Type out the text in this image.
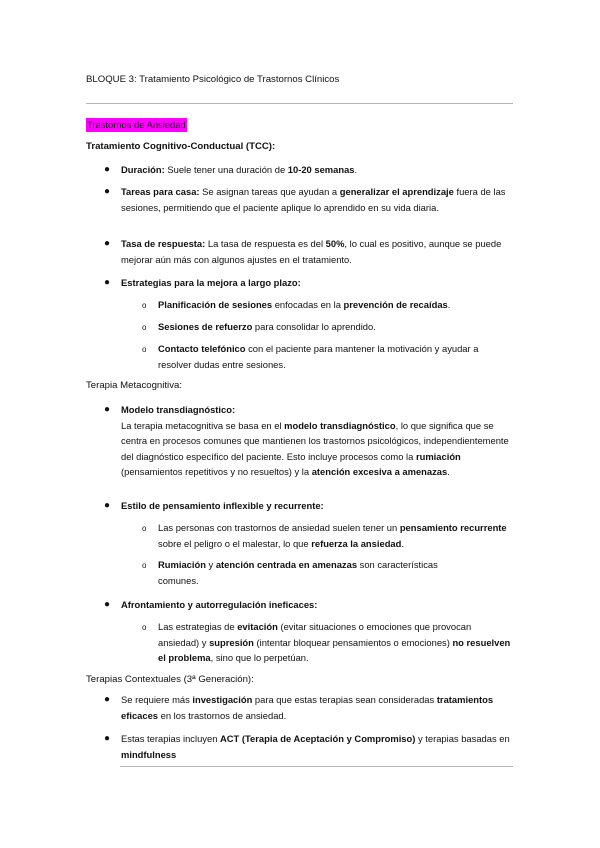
BLOQUE 3: Tratamiento Psicológico de Trastornos Clínicos
Trastornos de Ansiedad
Tratamiento Cognitivo-Conductual (TCC):
● Duración: Suele tener una duración de 10-20 semanas.
● Tareas para casa: Se asignan tareas que ayudan a generalizar el aprendizaje fuera de las sesiones, permitiendo que el paciente aplique lo aprendido en su vida diaria.
● Tasa de respuesta: La tasa de respuesta es del 50%, lo cual es positivo, aunque se puede mejorar aún más con algunos ajustes en el tratamiento.
● Estrategias para la mejora a largo plazo:
o Planificación de sesiones enfocadas en la prevención de recaídas.
o Sesiones de refuerzo para consolidar lo aprendido.
o Contacto telefónico con el paciente para mantener la motivación y ayudar a resolver dudas entre sesiones.
Terapia Metacognitiva:
● Modelo transdiagnóstico:
La terapia metacognitiva se basa en el modelo transdiagnóstico, lo que significa que se centra en procesos comunes que mantienen los trastornos psicológicos, independientemente del diagnóstico específico del paciente. Esto incluye procesos como la rumiación (pensamientos repetitivos y no resueltos) y la atención excesiva a amenazas.
● Estilo de pensamiento inflexible y recurrente:
o Las personas con trastornos de ansiedad suelen tener un pensamiento recurrente sobre el peligro o el malestar, lo que refuerza la ansiedad.
o Rumiación y atención centrada en amenazas son características comunes.
● Afrontamiento y autorregulación ineficaces:
o Las estrategias de evitación (evitar situaciones o emociones que provocan ansiedad) y supresión (intentar bloquear pensamientos o emociones) no resuelven el problema, sino que lo perpetúan.
Terapias Contextuales (3ª Generación):
● Se requiere más investigación para que estas terapias sean consideradas tratamientos eficaces en los trastornos de ansiedad.
● Estas terapias incluyen ACT (Terapia de Aceptación y Compromiso) y terapias basadas en mindfulness
